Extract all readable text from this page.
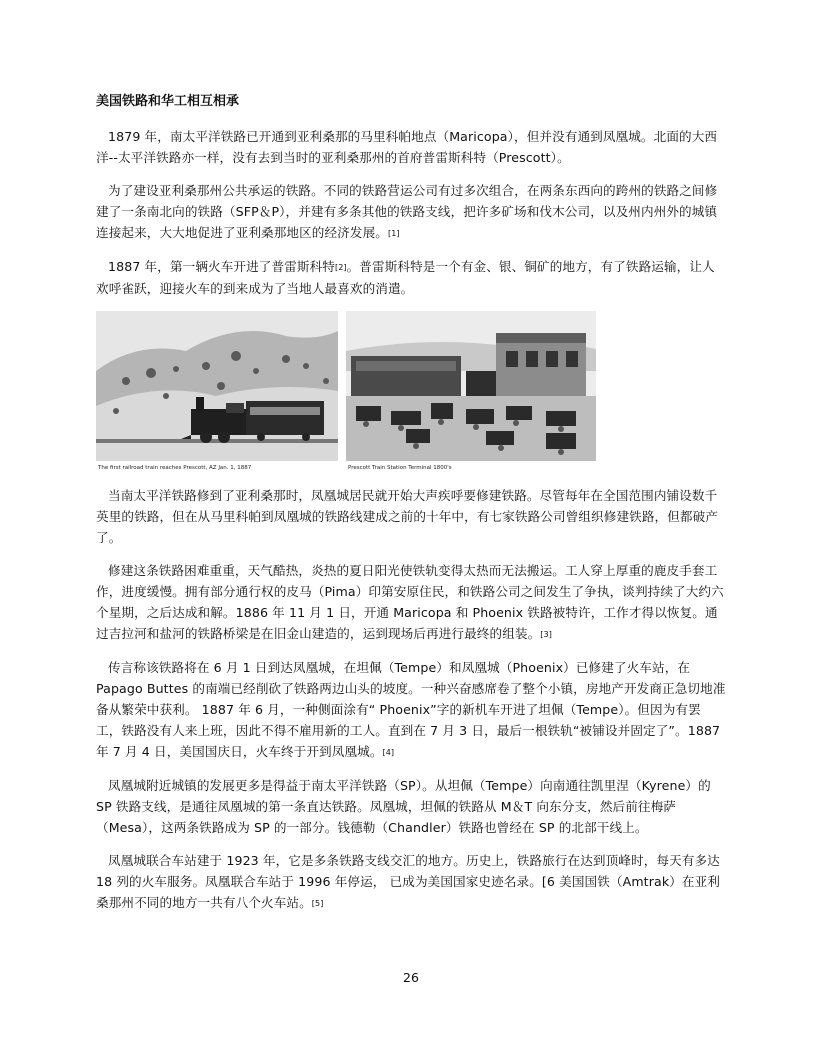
美国铁路和华工相互相承

1879 年，南太平洋铁路已开通到亚利桑那的马里科帕地点（Maricopa），但并没有通到凤凰城。北面的大西洋--太平洋铁路亦一样，没有去到当时的亚利桑那州的首府普雷斯科特（Prescott）。

为了建设亚利桑那州公共承运的铁路。不同的铁路营运公司有过多次组合，在两条东西向的跨州的铁路之间修建了一条南北向的铁路（SFP＆P），并建有多条其他的铁路支线，把许多矿场和伐木公司，以及州内州外的城镇连接起来，大大地促进了亚利桑那地区的经济发展。[1]

1887 年，第一辆火车开进了普雷斯科特[2]。普雷斯科特是一个有金、银、铜矿的地方，有了铁路运输，让人欢呼雀跃，迎接火车的到来成为了当地人最喜欢的消遣。

The first railroad train reaches Prescott, AZ Jan. 1, 1887	Prescott Train Station Terminal 1800's

当南太平洋铁路修到了亚利桑那时，凤凰城居民就开始大声疾呼要修建铁路。尽管每年在全国范围内铺设数千英里的铁路，但在从马里科帕到凤凰城的铁路线建成之前的十年中，有七家铁路公司曾组织修建铁路，但都破产了。

修建这条铁路困难重重，天气酷热，炎热的夏日阳光使铁轨变得太热而无法搬运。工人穿上厚重的鹿皮手套工作，进度缓慢。拥有部分通行权的皮马（Pima）印第安原住民，和铁路公司之间发生了争执，谈判持续了大约六个星期，之后达成和解。1886 年 11 月 1 日，开通 Maricopa 和 Phoenix 铁路被特许，工作才得以恢复。通过吉拉河和盐河的铁路桥梁是在旧金山建造的，运到现场后再进行最终的组装。[3]

传言称该铁路将在 6 月 1 日到达凤凰城，在坦佩（Tempe）和凤凰城（Phoenix）已修建了火车站，在 Papago Buttes 的南端已经削砍了铁路两边山头的坡度。一种兴奋感席卷了整个小镇，房地产开发商正急切地准备从繁荣中获利。 1887 年 6 月，一种侧面涂有“ Phoenix”字的新机车开进了坦佩（Tempe）。但因为有罢工，铁路没有人来上班，因此不得不雇用新的工人。直到在 7 月 3 日，最后一根铁轨“被铺设并固定了”。1887 年 7 月 4 日，美国国庆日，火车终于开到凤凰城。[4]

凤凰城附近城镇的发展更多是得益于南太平洋铁路（SP）。从坦佩（Tempe）向南通往凯里涅（Kyrene）的 SP 铁路支线，是通往凤凰城的第一条直达铁路。凤凰城，坦佩的铁路从 M＆T 向东分支，然后前往梅萨（Mesa），这两条铁路成为 SP 的一部分。钱德勒（Chandler）铁路也曾经在 SP 的北部干线上。

凤凰城联合车站建于 1923 年，它是多条铁路支线交汇的地方。历史上，铁路旅行在达到顶峰时，每天有多达 18 列的火车服务。凤凰联合车站于 1996 年停运， 已成为美国国家史迹名录。[6 美国国铁（Amtrak）在亚利桑那州不同的地方一共有八个火车站。[5]

26
